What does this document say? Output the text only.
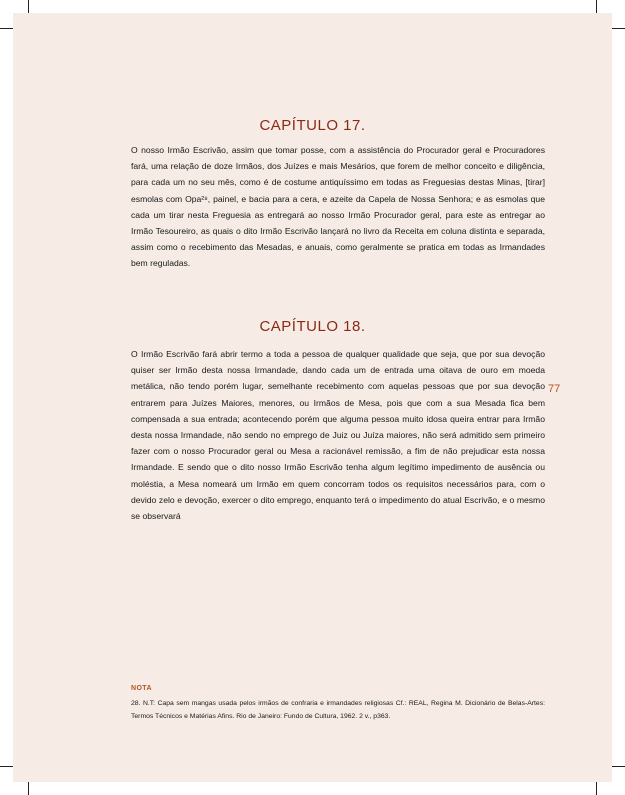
CAPÍTULO 17.

O nosso Irmão Escrivão, assim que tomar posse, com a assistência do Procurador geral e Procuradores fará, uma relação de doze Irmãos, dos Juízes e mais Mesários, que forem de melhor conceito e diligência, para cada um no seu mês, como é de costume antiquíssimo em todas as Freguesias destas Minas, [tirar] esmolas com Opa²⁸, painel, e bacia para a cera, e azeite da Capela de Nossa Senhora; e as esmolas que cada um tirar nesta Freguesia as entregará ao nosso Irmão Procurador geral, para este as entregar ao Irmão Tesoureiro, as quais o dito Irmão Escrivão lançará no livro da Receita em coluna distinta e separada, assim como o recebimento das Mesadas, e anuais, como geralmente se pratica em todas as Irmandades bem reguladas.

CAPÍTULO 18.

O Irmão Escrivão fará abrir termo a toda a pessoa de qualquer qualidade que seja, que por sua devoção quiser ser Irmão desta nossa Irmandade, dando cada um de entrada uma oitava de ouro em moeda metálica, não tendo porém lugar, semelhante recebimento com aquelas pessoas que por sua devoção entrarem para Juízes Maiores, menores, ou Irmãos de Mesa, pois que com a sua Mesada fica bem compensada a sua entrada; acontecendo porém que alguma pessoa muito idosa queira entrar para Irmão desta nossa Irmandade, não sendo no emprego de Juiz ou Juíza maiores, não será admitido sem primeiro fazer com o nosso Procurador geral ou Mesa a racionável remissão, a fim de não prejudicar esta nossa Irmandade. E sendo que o dito nosso Irmão Escrivão tenha algum legítimo impedimento de ausência ou moléstia, a Mesa nomeará um Irmão em quem concorram todos os requisitos necessários para, com o devido zelo e devoção, exercer o dito emprego, enquanto terá o impedimento do atual Escrivão, e o mesmo se observará

77
NOTA

28. N.T: Capa sem mangas usada pelos irmãos de confraria e irmandades religiosas Cf.: REAL, Regina M. Dicionário de Belas-Artes: Termos Técnicos e Matérias Afins. Rio de Janeiro: Fundo de Cultura, 1962. 2 v., p363.
